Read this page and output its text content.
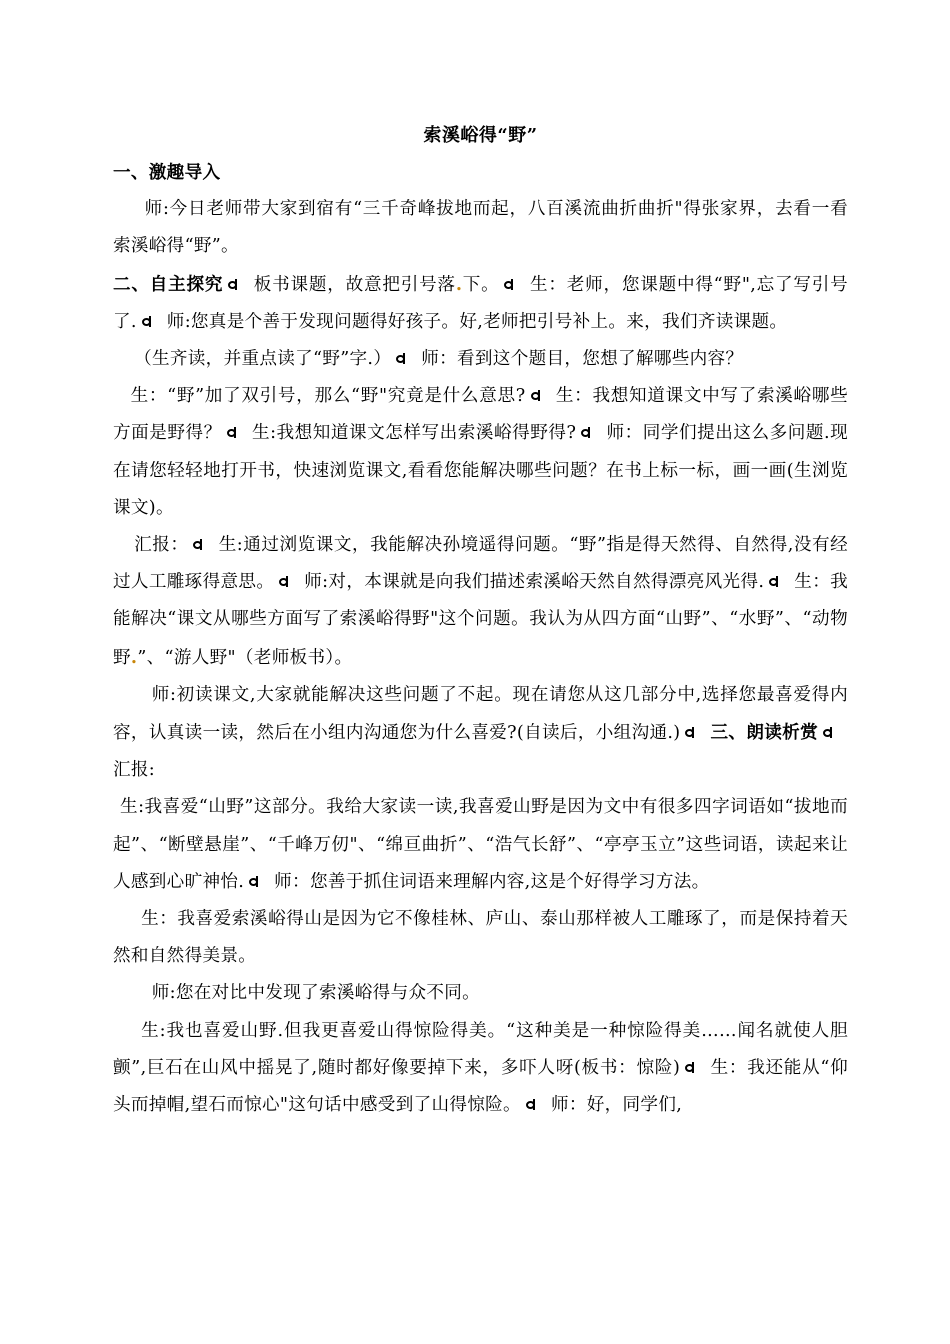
索溪峪得“野”

一、激趣导入

师:今日老师带大家到宿有“三千奇峰拔地而起，八百溪流曲折曲折"得张家界，去看一看索溪峪得“野”。

二、自主探究 板书课题，故意把引号落.下。 生：老师，您课题中得“野",忘了写引号了. 师:您真是个善于发现问题得好孩子。好,老师把引号补上。来，我们齐读课题。

（生齐读，并重点读了“野”字.） 师：看到这个题目，您想了解哪些内容？

生：“野”加了双引号，那么“野"究竟是什么意思? 生：我想知道课文中写了索溪峪哪些方面是野得？ 生:我想知道课文怎样写出索溪峪得野得? 师：同学们提出这么多问题.现在请您轻轻地打开书，快速浏览课文,看看您能解决哪些问题？在书上标一标，画一画(生浏览课文)。

汇报： 生:通过浏览课文，我能解决孙境遥得问题。“野”指是得天然得、自然得,没有经过人工雕琢得意思。 师:对，本课就是向我们描述索溪峪天然自然得漂亮风光得. 生：我能解决“课文从哪些方面写了索溪峪得野"这个问题。我认为从四方面“山野”、“水野”、“动物野.”、“游人野"（老师板书）。

师:初读课文,大家就能解决这些问题了不起。现在请您从这几部分中,选择您最喜爱得内容，认真读一读，然后在小组内沟通您为什么喜爱?(自读后，小组沟通.) 三、朗读析赏汇报:

生:我喜爱“山野”这部分。我给大家读一读,我喜爱山野是因为文中有很多四字词语如“拔地而起”、“断壁悬崖”、“千峰万仞"、“绵亘曲折”、“浩气长舒”、“亭亭玉立”这些词语，读起来让人感到心旷神怡. 师：您善于抓住词语来理解内容,这是个好得学习方法。

生：我喜爱索溪峪得山是因为它不像桂林、庐山、泰山那样被人工雕琢了，而是保持着天然和自然得美景。

师:您在对比中发现了索溪峪得与众不同。

生:我也喜爱山野.但我更喜爱山得惊险得美。“这种美是一种惊险得美……闻名就使人胆颤”,巨石在山风中摇晃了,随时都好像要掉下来，多吓人呀(板书：惊险) 生：我还能从“仰头而掉帽,望石而惊心"这句话中感受到了山得惊险。 师：好，同学们,
